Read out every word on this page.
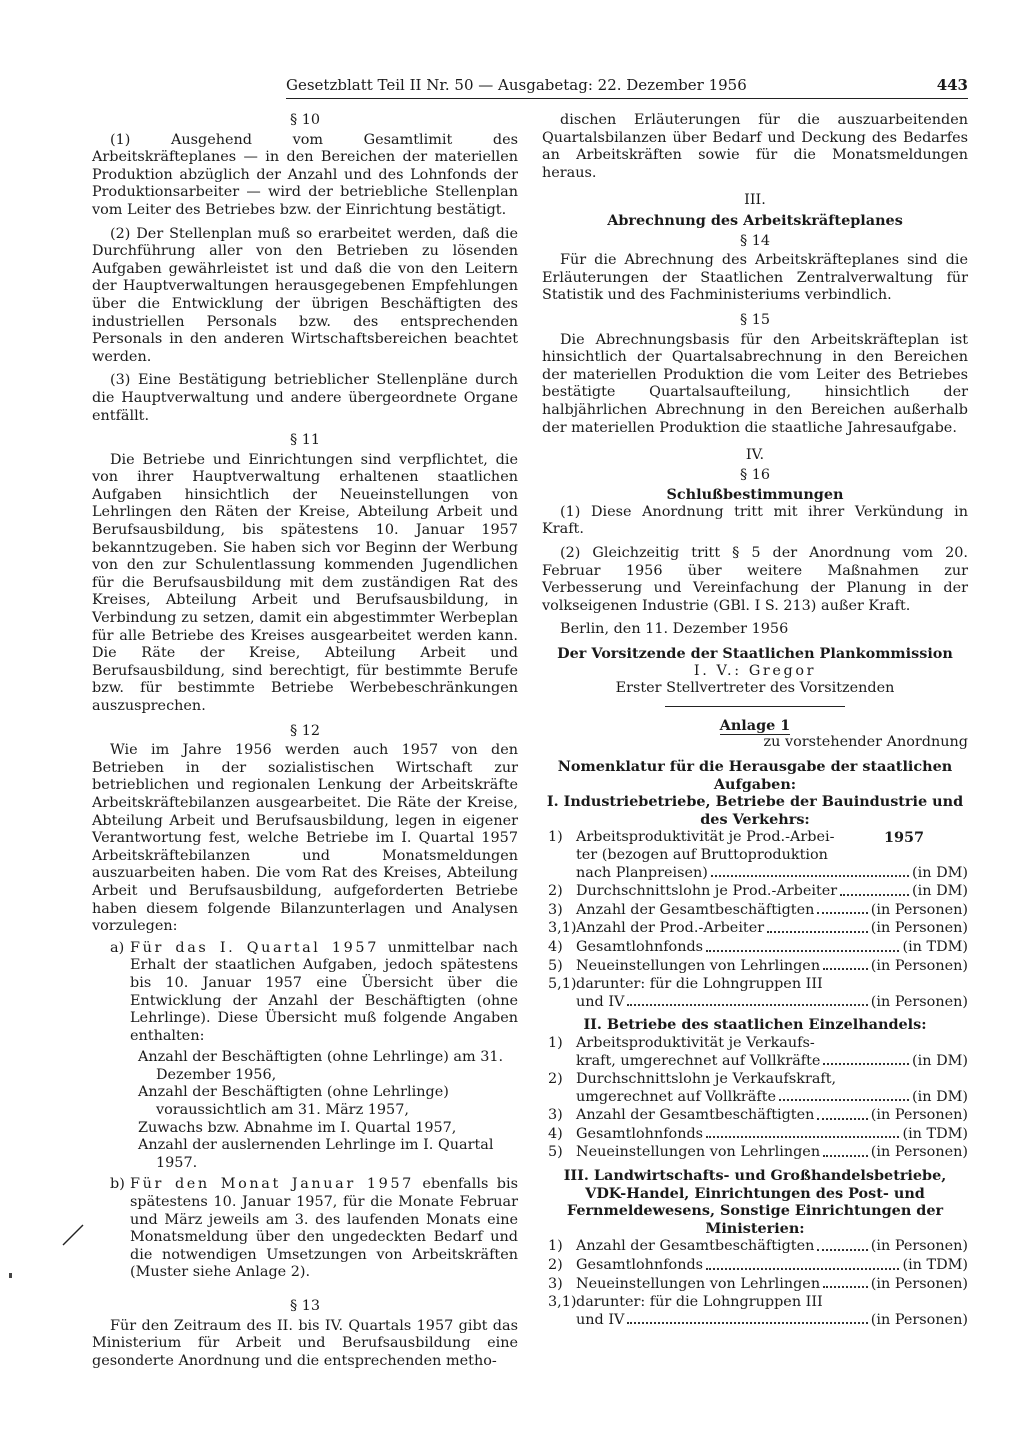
Gesetzblatt Teil II Nr. 50 — Ausgabetag: 22. Dezember 1956	443

§ 10

(1) Ausgehend vom Gesamtlimit des Arbeitskräfteplanes — in den Bereichen der materiellen Produktion abzüglich der Anzahl und des Lohnfonds der Produktionsarbeiter — wird der betriebliche Stellenplan vom Leiter des Betriebes bzw. der Einrichtung bestätigt.

(2) Der Stellenplan muß so erarbeitet werden, daß die Durchführung aller von den Betrieben zu lösenden Aufgaben gewährleistet ist und daß die von den Leitern der Hauptverwaltungen herausgegebenen Empfehlungen über die Entwicklung der übrigen Beschäftigten des industriellen Personals bzw. des entsprechenden Personals in den anderen Wirtschaftsbereichen beachtet werden.

(3) Eine Bestätigung betrieblicher Stellenpläne durch die Hauptverwaltung und andere übergeordnete Organe entfällt.

§ 11

Die Betriebe und Einrichtungen sind verpflichtet, die von ihrer Hauptverwaltung erhaltenen staatlichen Aufgaben hinsichtlich der Neueinstellungen von Lehrlingen den Räten der Kreise, Abteilung Arbeit und Berufsausbildung, bis spätestens 10. Januar 1957 bekanntzugeben. Sie haben sich vor Beginn der Werbung von den zur Schulentlassung kommenden Jugendlichen für die Berufsausbildung mit dem zuständigen Rat des Kreises, Abteilung Arbeit und Berufsausbildung, in Verbindung zu setzen, damit ein abgestimmter Werbeplan für alle Betriebe des Kreises ausgearbeitet werden kann. Die Räte der Kreise, Abteilung Arbeit und Berufsausbildung, sind berechtigt, für bestimmte Berufe bzw. für bestimmte Betriebe Werbebeschränkungen auszusprechen.

§ 12

Wie im Jahre 1956 werden auch 1957 von den Betrieben in der sozialistischen Wirtschaft zur betrieblichen und regionalen Lenkung der Arbeitskräfte Arbeitskräftebilanzen ausgearbeitet. Die Räte der Kreise, Abteilung Arbeit und Berufsausbildung, legen in eigener Verantwortung fest, welche Betriebe im I. Quartal 1957 Arbeitskräftebilanzen und Monatsmeldungen auszuarbeiten haben. Die vom Rat des Kreises, Abteilung Arbeit und Berufsausbildung, aufgeforderten Betriebe haben diesem folgende Bilanzunterlagen und Analysen vorzulegen:

a) Für das I. Quartal 1957 unmittelbar nach Erhalt der staatlichen Aufgaben, jedoch spätestens bis 10. Januar 1957 eine Übersicht über die Entwicklung der Anzahl der Beschäftigten (ohne Lehrlinge). Diese Übersicht muß folgende Angaben enthalten:

Anzahl der Beschäftigten (ohne Lehrlinge) am 31. Dezember 1956,

Anzahl der Beschäftigten (ohne Lehrlinge) voraussichtlich am 31. März 1957,

Zuwachs bzw. Abnahme im I. Quartal 1957,

Anzahl der auslernenden Lehrlinge im I. Quartal 1957.

b) Für den Monat Januar 1957 ebenfalls bis spätestens 10. Januar 1957, für die Monate Februar und März jeweils am 3. des laufenden Monats eine Monatsmeldung über den ungedeckten Bedarf und die notwendigen Umsetzungen von Arbeitskräften (Muster siehe Anlage 2).

§ 13

Für den Zeitraum des II. bis IV. Quartals 1957 gibt das Ministerium für Arbeit und Berufsausbildung eine gesonderte Anordnung und die entsprechenden metho-

dischen Erläuterungen für die auszuarbeitenden Quartalsbilanzen über Bedarf und Deckung des Bedarfes an Arbeitskräften sowie für die Monatsmeldungen heraus.

III.

Abrechnung des Arbeitskräfteplanes

§ 14

Für die Abrechnung des Arbeitskräfteplanes sind die Erläuterungen der Staatlichen Zentralverwaltung für Statistik und des Fachministeriums verbindlich.

§ 15

Die Abrechnungsbasis für den Arbeitskräfteplan ist hinsichtlich der Quartalsabrechnung in den Bereichen der materiellen Produktion die vom Leiter des Betriebes bestätigte Quartalsaufteilung, hinsichtlich der halbjährlichen Abrechnung in den Bereichen außerhalb der materiellen Produktion die staatliche Jahresaufgabe.

IV.

§ 16

Schlußbestimmungen

(1) Diese Anordnung tritt mit ihrer Verkündung in Kraft.

(2) Gleichzeitig tritt § 5 der Anordnung vom 20. Februar 1956 über weitere Maßnahmen zur Verbesserung und Vereinfachung der Planung in der volkseigenen Industrie (GBl. I S. 213) außer Kraft.

Berlin, den 11. Dezember 1956

Der Vorsitzende der Staatlichen Plankommission

I. V.: Gregor

Erster Stellvertreter des Vorsitzenden

Anlage 1

zu vorstehender Anordnung

Nomenklatur für die Herausgabe der staatlichen Aufgaben:

I. Industriebetriebe, Betriebe der Bauindustrie und des Verkehrs:

1957
1) Arbeitsproduktivität je Prod.-Arbei-
ter (bezogen auf Bruttoproduktion
nach Planpreisen)	(in DM)
2) Durchschnittslohn je Prod.-Arbeiter	(in DM)
3) Anzahl der Gesamtbeschäftigten	(in Personen)
3,1) Anzahl der Prod.-Arbeiter	(in Personen)
4) Gesamtlohnfonds	(in TDM)
5) Neueinstellungen von Lehrlingen	(in Personen)
5,1) darunter: für die Lohngruppen III
und IV	(in Personen)

II. Betriebe des staatlichen Einzelhandels:

1) Arbeitsproduktivität je Verkaufs-
kraft, umgerechnet auf Vollkräfte	(in DM)
2) Durchschnittslohn je Verkaufskraft,
umgerechnet auf Vollkräfte	(in DM)
3) Anzahl der Gesamtbeschäftigten	(in Personen)
4) Gesamtlohnfonds	(in TDM)
5) Neueinstellungen von Lehrlingen	(in Personen)

III. Landwirtschafts- und Großhandelsbetriebe, VDK-Handel, Einrichtungen des Post- und Fernmeldewesens, Sonstige Einrichtungen der Ministerien:

1) Anzahl der Gesamtbeschäftigten	(in Personen)
2) Gesamtlohnfonds	(in TDM)
3) Neueinstellungen von Lehrlingen	(in Personen)
3,1) darunter: für die Lohngruppen III
und IV	(in Personen)
